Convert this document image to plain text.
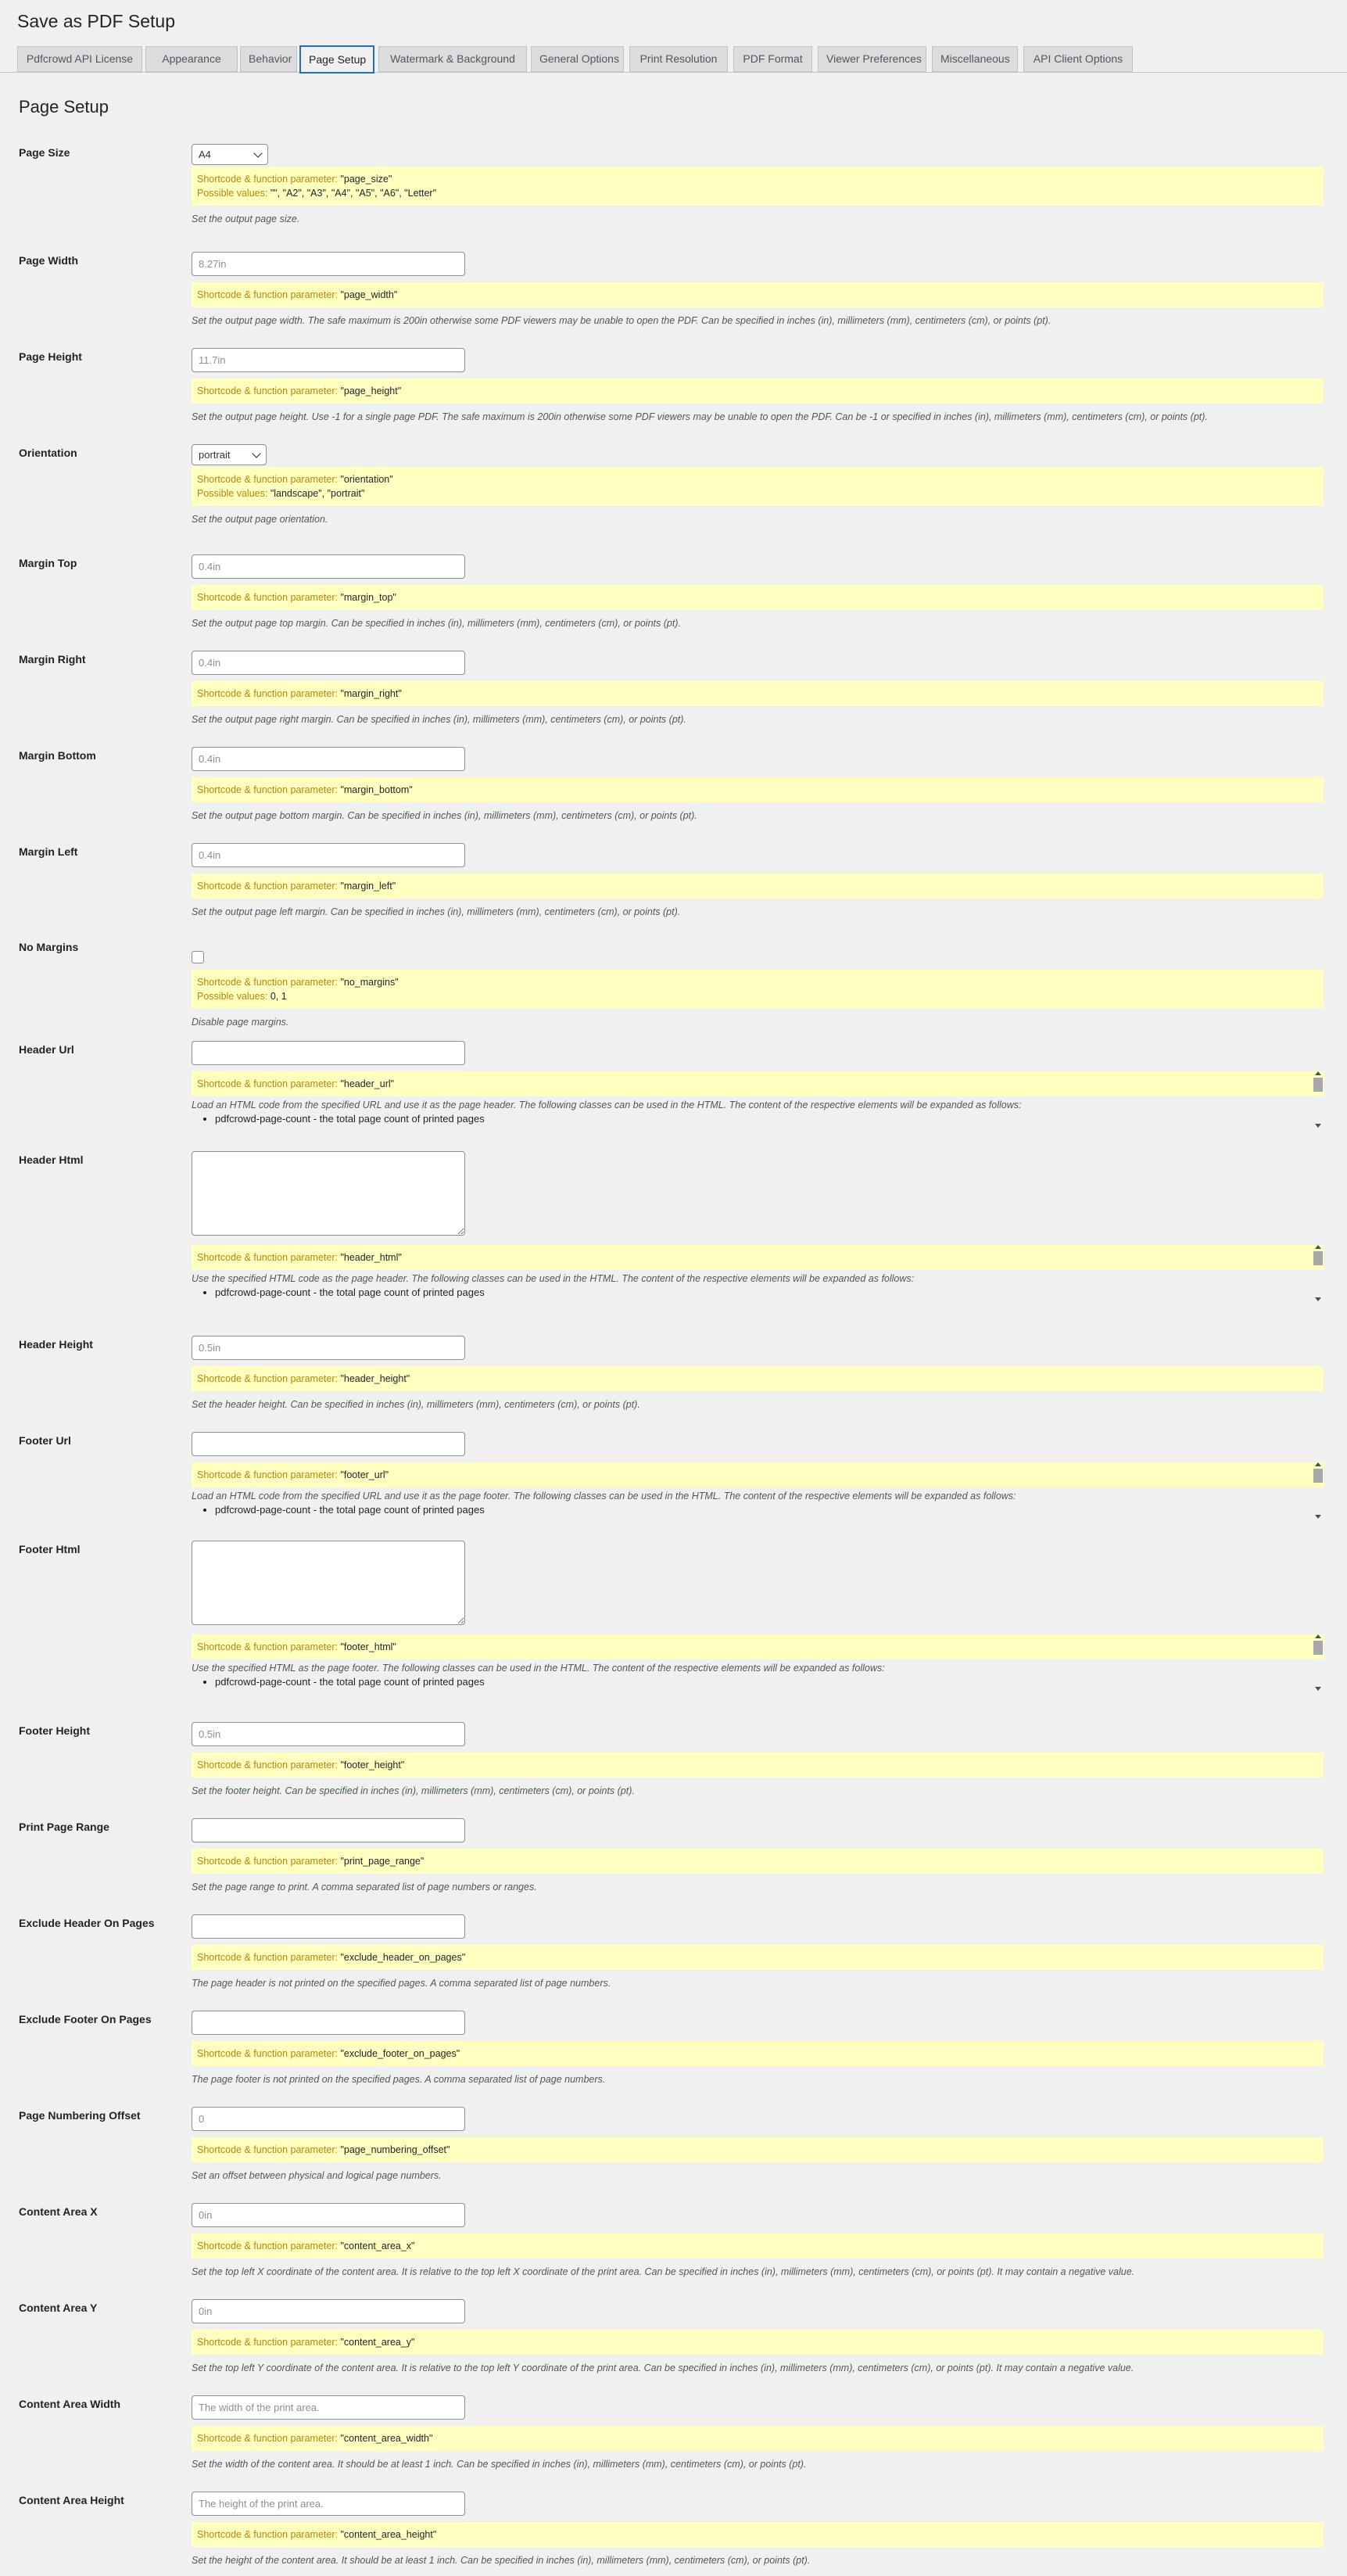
Save as PDF Setup
Pdfcrowd API License	Appearance	Behavior	Page Setup	Watermark & Background	General Options	Print Resolution	PDF Format	Viewer Preferences	Miscellaneous	API Client Options
Page Setup
Page Size	A4
Shortcode & function parameter: "page_size"
Possible values: "", "A2", "A3", "A4", "A5", "A6", "Letter"
Set the output page size.
Page Width
8.27in
Shortcode & function parameter: "page_width"
Set the output page width. The safe maximum is 200in otherwise some PDF viewers may be unable to open the PDF. Can be specified in inches (in), millimeters (mm), centimeters (cm), or points (pt).
Page Height
11.7in
Shortcode & function parameter: "page_height"
Set the output page height. Use -1 for a single page PDF. The safe maximum is 200in otherwise some PDF viewers may be unable to open the PDF. Can be -1 or specified in inches (in), millimeters (mm), centimeters (cm), or points (pt).
Orientation	portrait
Shortcode & function parameter: "orientation"
Possible values: "landscape", "portrait"
Set the output page orientation.
Margin Top
0.4in
Shortcode & function parameter: "margin_top"
Set the output page top margin. Can be specified in inches (in), millimeters (mm), centimeters (cm), or points (pt).
Margin Right
0.4in
Shortcode & function parameter: "margin_right"
Set the output page right margin. Can be specified in inches (in), millimeters (mm), centimeters (cm), or points (pt).
Margin Bottom
0.4in
Shortcode & function parameter: "margin_bottom"
Set the output page bottom margin. Can be specified in inches (in), millimeters (mm), centimeters (cm), or points (pt).
Margin Left
0.4in
Shortcode & function parameter: "margin_left"
Set the output page left margin. Can be specified in inches (in), millimeters (mm), centimeters (cm), or points (pt).
No Margins
Shortcode & function parameter: "no_margins"
Possible values: 0, 1
Disable page margins.
Header Url
Shortcode & function parameter: "header_url"
Load an HTML code from the specified URL and use it as the page header. The following classes can be used in the HTML. The content of the respective elements will be expanded as follows:
• pdfcrowd-page-count - the total page count of printed pages
Header Html
Shortcode & function parameter: "header_html"
Use the specified HTML code as the page header. The following classes can be used in the HTML. The content of the respective elements will be expanded as follows:
• pdfcrowd-page-count - the total page count of printed pages
Header Height
0.5in
Shortcode & function parameter: "header_height"
Set the header height. Can be specified in inches (in), millimeters (mm), centimeters (cm), or points (pt).
Footer Url
Shortcode & function parameter: "footer_url"
Load an HTML code from the specified URL and use it as the page footer. The following classes can be used in the HTML. The content of the respective elements will be expanded as follows:
• pdfcrowd-page-count - the total page count of printed pages
Footer Html
Shortcode & function parameter: "footer_html"
Use the specified HTML as the page footer. The following classes can be used in the HTML. The content of the respective elements will be expanded as follows:
• pdfcrowd-page-count - the total page count of printed pages
Footer Height
0.5in
Shortcode & function parameter: "footer_height"
Set the footer height. Can be specified in inches (in), millimeters (mm), centimeters (cm), or points (pt).
Print Page Range
Shortcode & function parameter: "print_page_range"
Set the page range to print. A comma separated list of page numbers or ranges.
Exclude Header On Pages
Shortcode & function parameter: "exclude_header_on_pages"
The page header is not printed on the specified pages. A comma separated list of page numbers.
Exclude Footer On Pages
Shortcode & function parameter: "exclude_footer_on_pages"
The page footer is not printed on the specified pages. A comma separated list of page numbers.
Page Numbering Offset
0
Shortcode & function parameter: "page_numbering_offset"
Set an offset between physical and logical page numbers.
Content Area X
0in
Shortcode & function parameter: "content_area_x"
Set the top left X coordinate of the content area. It is relative to the top left X coordinate of the print area. Can be specified in inches (in), millimeters (mm), centimeters (cm), or points (pt). It may contain a negative value.
Content Area Y
0in
Shortcode & function parameter: "content_area_y"
Set the top left Y coordinate of the content area. It is relative to the top left Y coordinate of the print area. Can be specified in inches (in), millimeters (mm), centimeters (cm), or points (pt). It may contain a negative value.
Content Area Width
The width of the print area.
Shortcode & function parameter: "content_area_width"
Set the width of the content area. It should be at least 1 inch. Can be specified in inches (in), millimeters (mm), centimeters (cm), or points (pt).
Content Area Height
The height of the print area.
Shortcode & function parameter: "content_area_height"
Set the height of the content area. It should be at least 1 inch. Can be specified in inches (in), millimeters (mm), centimeters (cm), or points (pt).
